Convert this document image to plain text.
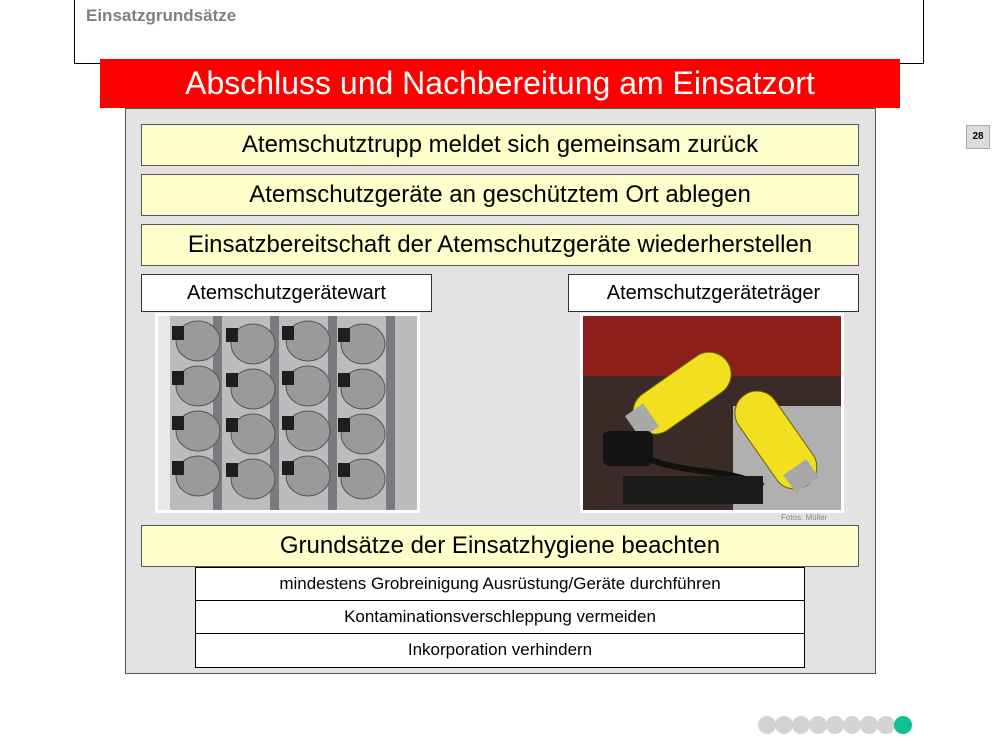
Einsatzgrundsätze
Abschluss und Nachbereitung am Einsatzort
Atemschutztrupp meldet sich gemeinsam zurück
Atemschutzgeräte an geschütztem Ort ablegen
Einsatzbereitschaft der Atemschutzgeräte wiederherstellen
Atemschutzgerätewart	Atemschutzgeräteträger
Fotos: Müller
Grundsätze der Einsatzhygiene beachten
mindestens Grobreinigung Ausrüstung/Geräte durchführen
Kontaminationsverschleppung vermeiden
Inkorporation verhindern
28
